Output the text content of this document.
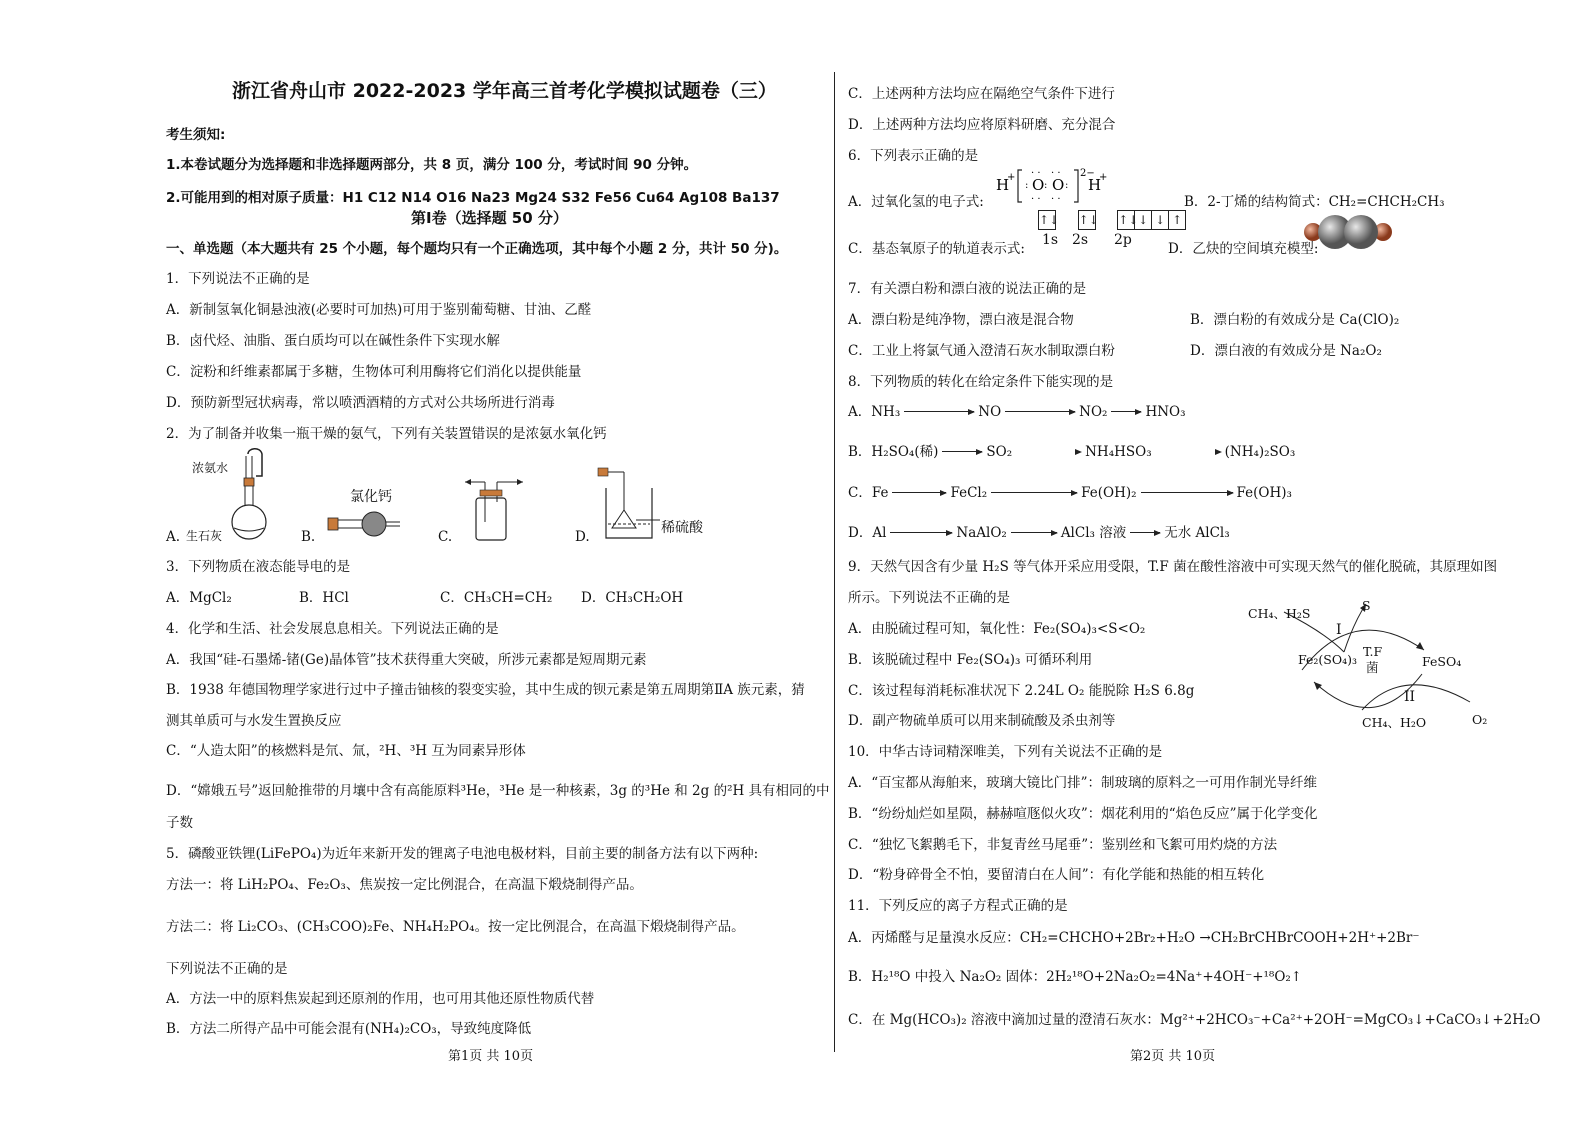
浙江省舟山市 2022-2023 学年高三首考化学模拟试题卷（三）
考生须知:
1.本卷试题分为选择题和非选择题两部分，共 8 页，满分 100 分，考试时间 90 分钟。
2.可能用到的相对原子质量：H1 C12 N14 O16 Na23 Mg24 S32 Fe56 Cu64 Ag108 Ba137
第Ⅰ卷（选择题 50 分）
一、单选题（本大题共有 25 个小题，每个题均只有一个正确选项，其中每个小题 2 分，共计 50 分)。
1．下列说法不正确的是
A．新制氢氧化铜悬浊液(必要时可加热)可用于鉴别葡萄糖、甘油、乙醛
B．卤代烃、油脂、蛋白质均可以在碱性条件下实现水解
C．淀粉和纤维素都属于多糖，生物体可利用酶将它们消化以提供能量
D．预防新型冠状病毒，常以喷洒酒精的方式对公共场所进行消毒
2．为了制备并收集一瓶干燥的氨气，下列有关装置错误的是浓氨水氧化钙
A.
浓氨水
生石灰	B.
氯化钙
C.	D.
稀硫酸
3．下列物质在液态能导电的是
A．MgCl₂	B．HCl	C．CH₃CH=CH₂ D．CH₃CH₂OH
4．化学和生活、社会发展息息相关。下列说法正确的是
A．我国“硅-石墨烯-锗(Ge)晶体管”技术获得重大突破，所涉元素都是短周期元素
B．1938 年德国物理学家进行过中子撞击铀核的裂变实验，其中生成的钡元素是第五周期第ⅡA 族元素，猜
测其单质可与水发生置换反应
C．“人造太阳”的核燃料是氘、氚，²H、³H 互为同素异形体
D．“嫦娥五号”返回舱推带的月壤中含有高能原料³He，³He 是一种核素，3g 的³He 和 2g 的²H 具有相同的中
子数
5．磷酸亚铁锂(LiFePO₄)为近年来新开发的锂离子电池电极材料，目前主要的制备方法有以下两种:
方法一：将 LiH₂PO₄、Fe₂O₃、焦炭按一定比例混合，在高温下煅烧制得产品。
方法二：将 Li₂CO₃、(CH₃COO)₂Fe、NH₄H₂PO₄。按一定比例混合，在高温下煅烧制得产品。
下列说法不正确的是
A．方法一中的原料焦炭起到还原剂的作用，也可用其他还原性物质代替
B．方法二所得产品中可能会混有(NH₄)₂CO₃，导致纯度降低
第1页 共 10页
C．上述两种方法均应在隔绝空气条件下进行
D．上述两种方法均应将原料研磨、充分混合
6．下列表示正确的是
A．过氧化氢的电子式:
H
+ O O
· · · ·
· · · ·
: : :
2−
H
+
B．2-丁烯的结构简式：CH₂=CHCH₂CH₃
C．基态氧原子的轨道表示式:
↑↓ ↑↓ ↑↓↓ ↓ ↑
1s 2s 2p
D．乙炔的空间填充模型:
7．有关漂白粉和漂白液的说法正确的是
A．漂白粉是纯净物，漂白液是混合物	B．漂白粉的有效成分是 Ca(ClO)₂
C．工业上将氯气通入澄清石灰水制取漂白粉	D．漂白液的有效成分是 Na₂O₂
8．下列物质的转化在给定条件下能实现的是
A．NH₃	NO	NO₂	HNO₃
B．H₂SO₄(稀)	SO₂	NH₄HSO₃	(NH₄)₂SO₃
C．Fe	FeCl₂	Fe(OH)₂	Fe(OH)₃
D．Al	NaAlO₂	AlCl₃ 溶液	无水 AlCl₃
9．天然气因含有少量 H₂S 等气体开采应用受限，T.F 菌在酸性溶液中可实现天然气的催化脱硫，其原理如图
所示。下列说法不正确的是
A．由脱硫过程可知，氧化性：Fe₂(SO₄)₃<S<O₂
B．该脱硫过程中 Fe₂(SO₄)₃ 可循环利用
C．该过程每消耗标准状况下 2.24L O₂ 能脱除 H₂S 6.8g
D．副产物硫单质可以用来制硫酸及杀虫剂等
CH₄、H₂S
S
I
T.F
菌
Fe₂(SO₄)₃	FeSO₄
II
CH₄、H₂O	O₂
10．中华古诗词精深唯美，下列有关说法不正确的是
A．“百宝都从海舶来，玻璃大镜比门排”：制玻璃的原料之一可用作制光导纤维
B．“纷纷灿烂如星陨，赫赫喧豗似火攻”：烟花利用的“焰色反应”属于化学变化
C．“独忆飞絮鹅毛下，非复青丝马尾垂”：鉴别丝和飞絮可用灼烧的方法
D．“粉身碎骨全不怕，要留清白在人间”：有化学能和热能的相互转化
11．下列反应的离子方程式正确的是
A．丙烯醛与足量溴水反应：CH₂=CHCHO+2Br₂+H₂O →CH₂BrCHBrCOOH+2H⁺+2Br⁻
B．H₂¹⁸O 中投入 Na₂O₂ 固体：2H₂¹⁸O+2Na₂O₂=4Na⁺+4OH⁻+¹⁸O₂↑
C．在 Mg(HCO₃)₂ 溶液中滴加过量的澄清石灰水：Mg²⁺+2HCO₃⁻+Ca²⁺+2OH⁻=MgCO₃↓+CaCO₃↓+2H₂O
第2页 共 10页
